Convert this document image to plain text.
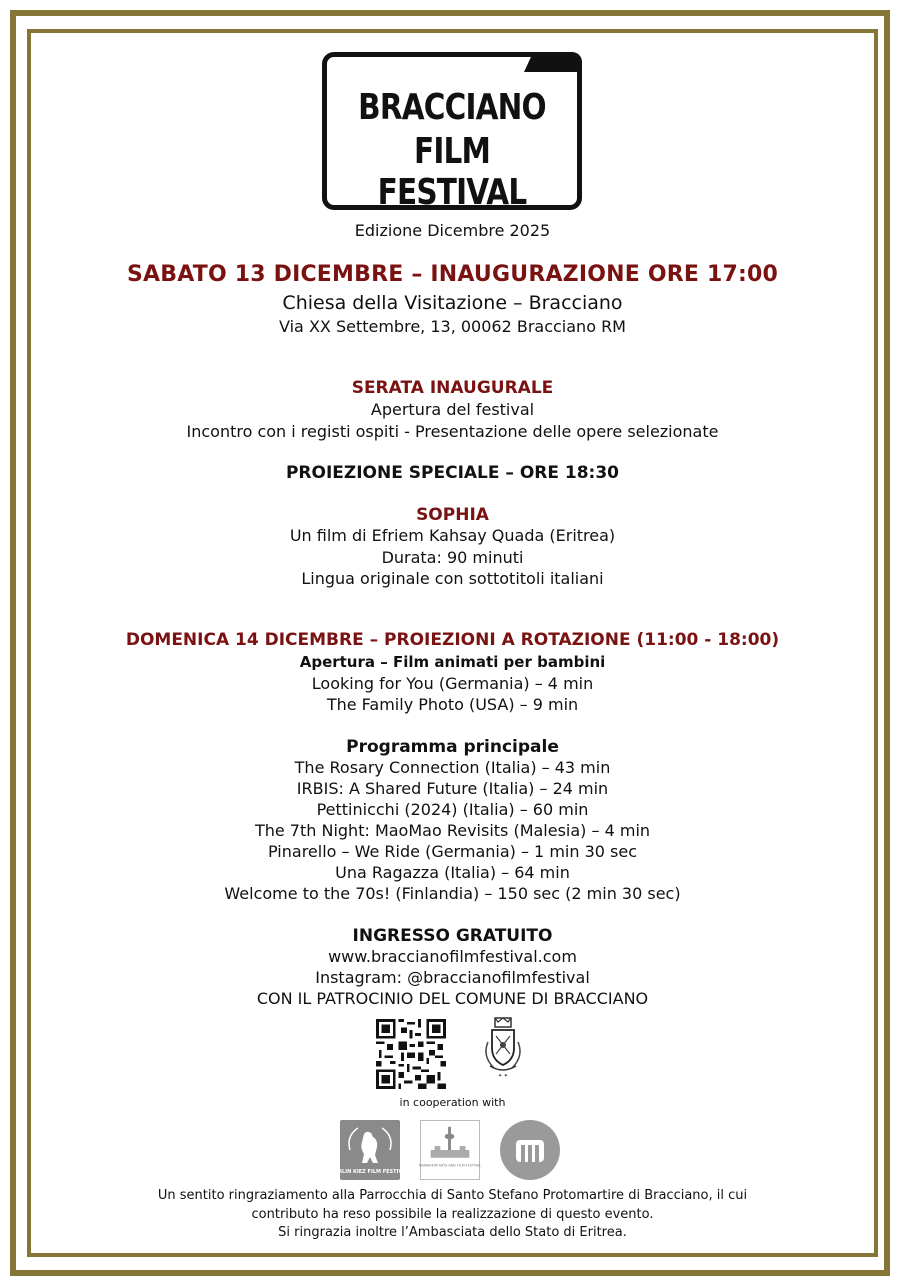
BRACCIANO
FILM FESTIVAL
Edizione Dicembre 2025
SABATO 13 DICEMBRE – INAUGURAZIONE ORE 17:00
Chiesa della Visitazione – Bracciano
Via XX Settembre, 13, 00062 Bracciano RM
SERATA INAUGURALE
Apertura del festival
Incontro con i registi ospiti - Presentazione delle opere selezionate
PROIEZIONE SPECIALE – ORE 18:30
SOPHIA
Un film di Efriem Kahsay Quada (Eritrea)
Durata: 90 minuti
Lingua originale con sottotitoli italiani
DOMENICA 14 DICEMBRE – PROIEZIONI A ROTAZIONE (11:00 - 18:00)
Apertura – Film animati per bambini
Looking for You (Germania) – 4 min
The Family Photo (USA) – 9 min
Programma principale
The Rosary Connection (Italia) – 43 min
IRBIS: A Shared Future (Italia) – 24 min
Pettinicchi (2024) (Italia) – 60 min
The 7th Night: MaoMao Revisits (Malesia) – 4 min
Pinarello – We Ride (Germania) – 1 min 30 sec
Una Ragazza (Italia) – 64 min
Welcome to the 70s! (Finlandia) – 150 sec (2 min 30 sec)
INGRESSO GRATUITO
www.braccianofilmfestival.com
Instagram: @braccianofilmfestival
CON IL PATROCINIO DEL COMUNE DI BRACCIANO
✦ ✦
in cooperation with
BERLIN KIEZ FILM FESTIVAL
MANNHEIM ARTS AND FILM FESTIVAL
Un sentito ringraziamento alla Parrocchia di Santo Stefano Protomartire di Bracciano, il cui
contributo ha reso possibile la realizzazione di questo evento.
Si ringrazia inoltre l’Ambasciata dello Stato di Eritrea.
